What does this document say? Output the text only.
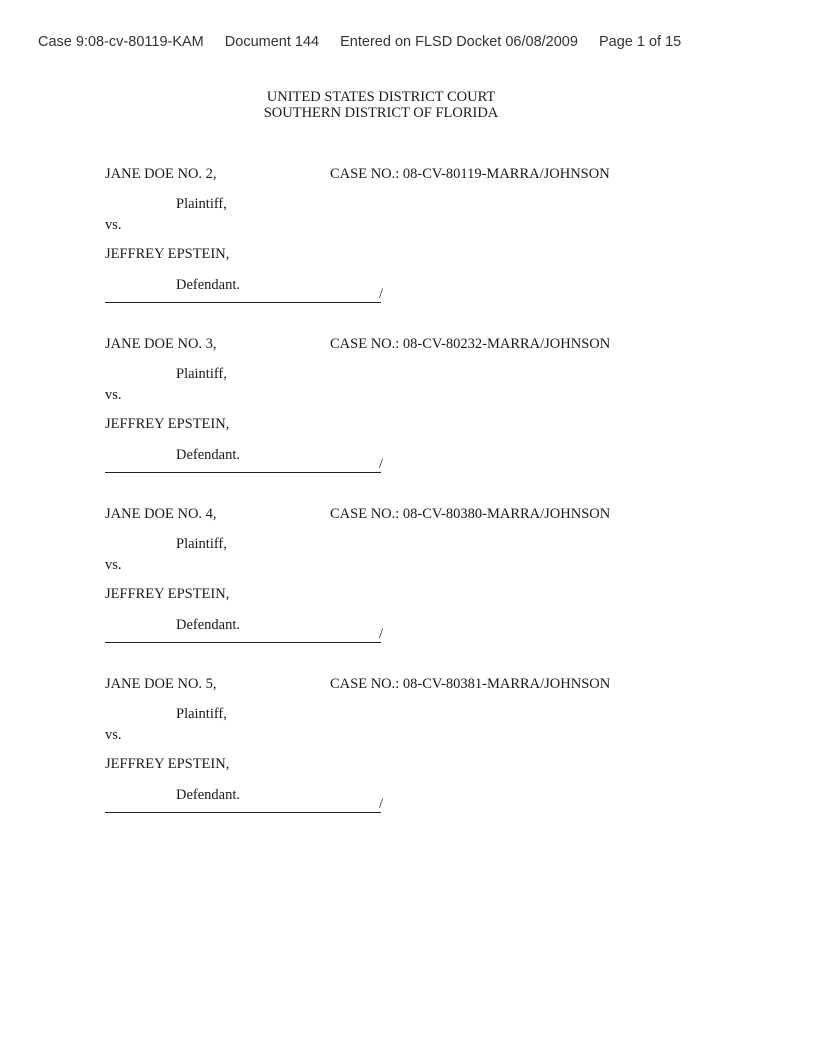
Case 9:08-cv-80119-KAM Document 144 Entered on FLSD Docket 06/08/2009 Page 1 of 15
UNITED STATES DISTRICT COURT
SOUTHERN DISTRICT OF FLORIDA
JANE DOE NO. 2,	CASE NO.: 08-CV-80119-MARRA/JOHNSON
Plaintiff,
vs.
JEFFREY EPSTEIN,
Defendant.
/
JANE DOE NO. 3,	CASE NO.: 08-CV-80232-MARRA/JOHNSON
Plaintiff,
vs.
JEFFREY EPSTEIN,
Defendant.
/
JANE DOE NO. 4,	CASE NO.: 08-CV-80380-MARRA/JOHNSON
Plaintiff,
vs.
JEFFREY EPSTEIN,
Defendant.
/
JANE DOE NO. 5,	CASE NO.: 08-CV-80381-MARRA/JOHNSON
Plaintiff,
vs.
JEFFREY EPSTEIN,
Defendant.
/
